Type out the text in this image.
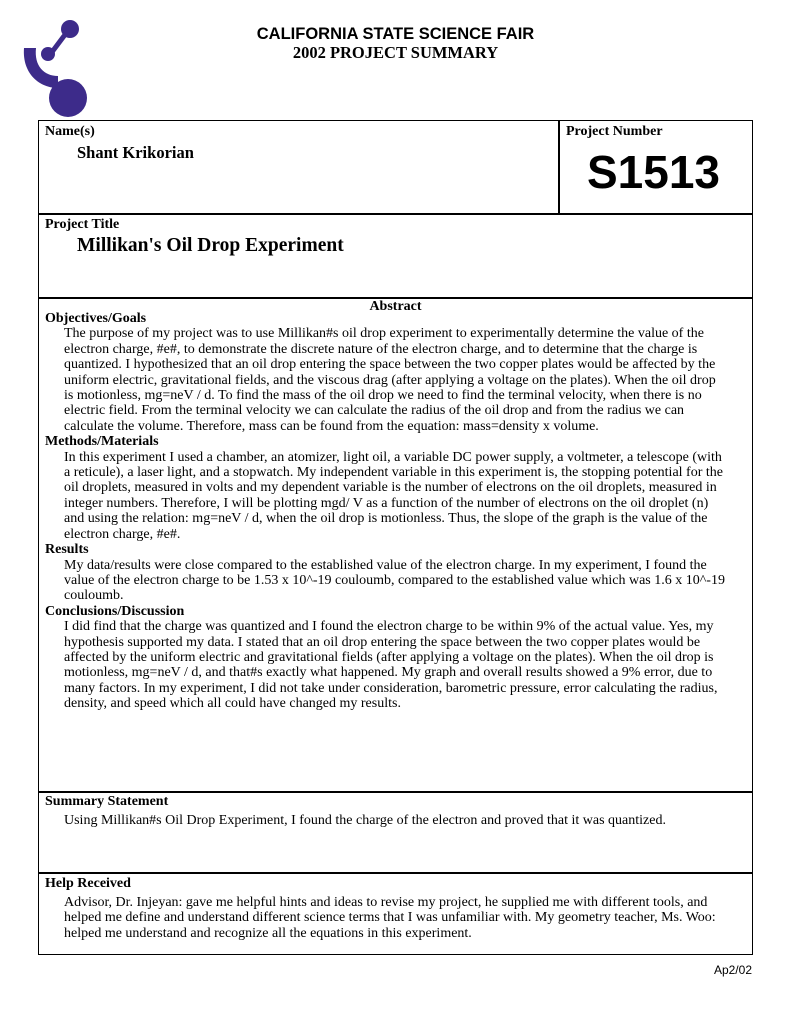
CALIFORNIA STATE SCIENCE FAIR
2002 PROJECT SUMMARY
Name(s)
Shant Krikorian
Project Number
S1513
Project Title
Millikan's Oil Drop Experiment
Abstract
Objectives/Goals
The purpose of my project was to use Millikan#s oil drop experiment to experimentally determine the value of the electron charge, #e#, to demonstrate the discrete nature of the electron charge, and to determine that the charge is quantized. I hypothesized that an oil drop entering the space between the two copper plates would be affected by the uniform electric, gravitational fields, and the viscous drag (after applying a voltage on the plates). When the oil drop is motionless, mg=neV / d. To find the mass of the oil drop we need to find the terminal velocity, when there is no electric field. From the terminal velocity we can calculate the radius of the oil drop and from the radius we can calculate the volume. Therefore, mass can be found from the equation: mass=density x volume.
Methods/Materials
In this experiment I used a chamber, an atomizer, light oil, a variable DC power supply, a voltmeter, a telescope (with a reticule), a laser light, and a stopwatch. My independent variable in this experiment is, the stopping potential for the oil droplets, measured in volts and my dependent variable is the number of electrons on the oil droplets, measured in integer numbers. Therefore, I will be plotting mgd/ V as a function of the number of electrons on the oil droplet (n) and using the relation: mg=neV / d, when the oil drop is motionless. Thus, the slope of the graph is the value of the electron charge, #e#.
Results
My data/results were close compared to the established value of the electron charge. In my experiment, I found the value of the electron charge to be 1.53 x 10^-19 couloumb, compared to the established value which was 1.6 x 10^-19 couloumb.
Conclusions/Discussion
I did find that the charge was quantized and I found the electron charge to be within 9% of the actual value. Yes, my hypothesis supported my data. I stated that an oil drop entering the space between the two copper plates would be affected by the uniform electric and gravitational fields (after applying a voltage on the plates). When the oil drop is motionless, mg=neV / d, and that#s exactly what happened. My graph and overall results showed a 9% error, due to many factors. In my experiment, I did not take under consideration, barometric pressure, error calculating the radius, density, and speed which all could have changed my results.
Summary Statement
Using Millikan#s Oil Drop Experiment, I found the charge of the electron and proved that it was quantized.
Help Received
Advisor, Dr. Injeyan: gave me helpful hints and ideas to revise my project, he supplied me with different tools, and helped me define and understand different science terms that I was unfamiliar with. My geometry teacher, Ms. Woo: helped me understand and recognize all the equations in this experiment.
Ap2/02
